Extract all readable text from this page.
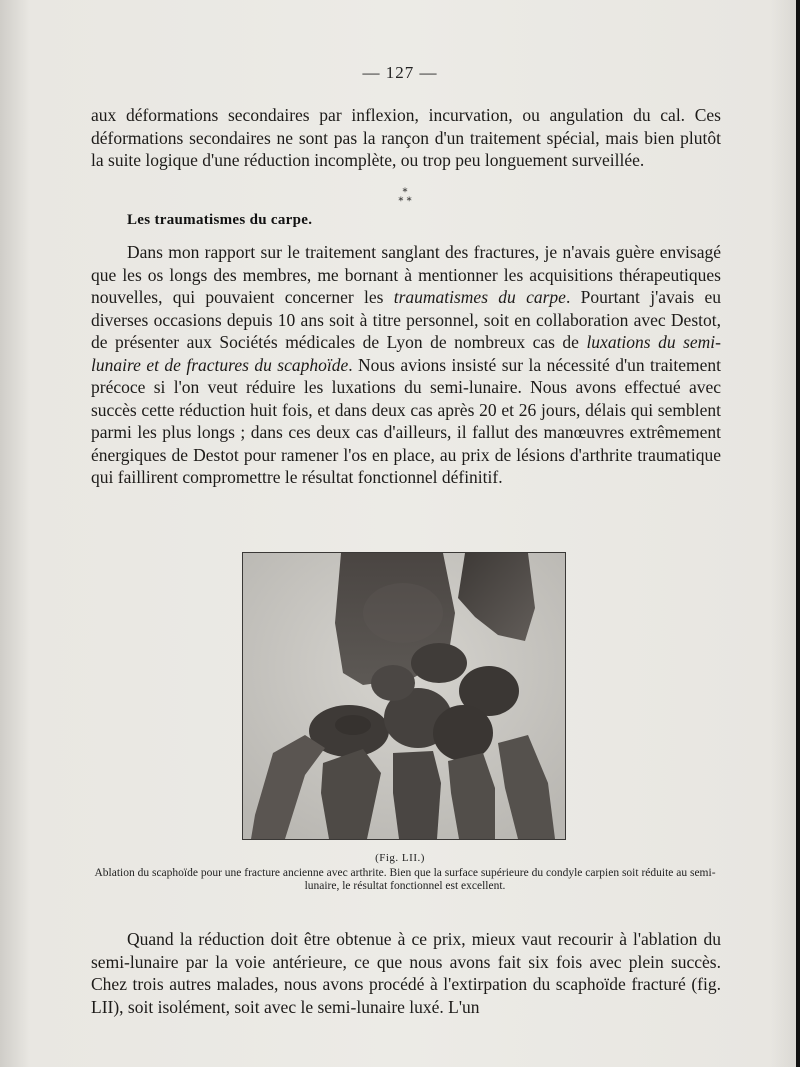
— 127 —
aux déformations secondaires par inflexion, incurvation, ou angulation du cal. Ces déformations secondaires ne sont pas la rançon d'un traitement spécial, mais bien plutôt la suite logique d'une réduction incomplète, ou trop peu longuement surveillée.
*
* *
Les traumatismes du carpe.
Dans mon rapport sur le traitement sanglant des fractures, je n'avais guère envisagé que les os longs des membres, me bornant à mentionner les acquisitions thérapeutiques nouvelles, qui pouvaient concerner les traumatismes du carpe. Pourtant j'avais eu diverses occasions depuis 10 ans soit à titre personnel, soit en collaboration avec Destot, de présenter aux Sociétés médicales de Lyon de nombreux cas de luxations du semi-lunaire et de fractures du scaphoïde. Nous avions insisté sur la nécessité d'un traitement précoce si l'on veut réduire les luxations du semi-lunaire. Nous avons effectué avec succès cette réduction huit fois, et dans deux cas après 20 et 26 jours, délais qui semblent parmi les plus longs ; dans ces deux cas d'ailleurs, il fallut des manœuvres extrêmement énergiques de Destot pour ramener l'os en place, au prix de lésions d'arthrite traumatique qui faillirent compromettre le résultat fonctionnel définitif.
(Fig. LII.)
Ablation du scaphoïde pour une fracture ancienne avec arthrite. Bien que la surface supérieure du condyle carpien soit réduite au semi-lunaire, le résultat fonctionnel est excellent.
Quand la réduction doit être obtenue à ce prix, mieux vaut recourir à l'ablation du semi-lunaire par la voie antérieure, ce que nous avons fait six fois avec plein succès. Chez trois autres malades, nous avons procédé à l'extirpation du scaphoïde fracturé (fig. LII), soit isolément, soit avec le semi-lunaire luxé. L'un
